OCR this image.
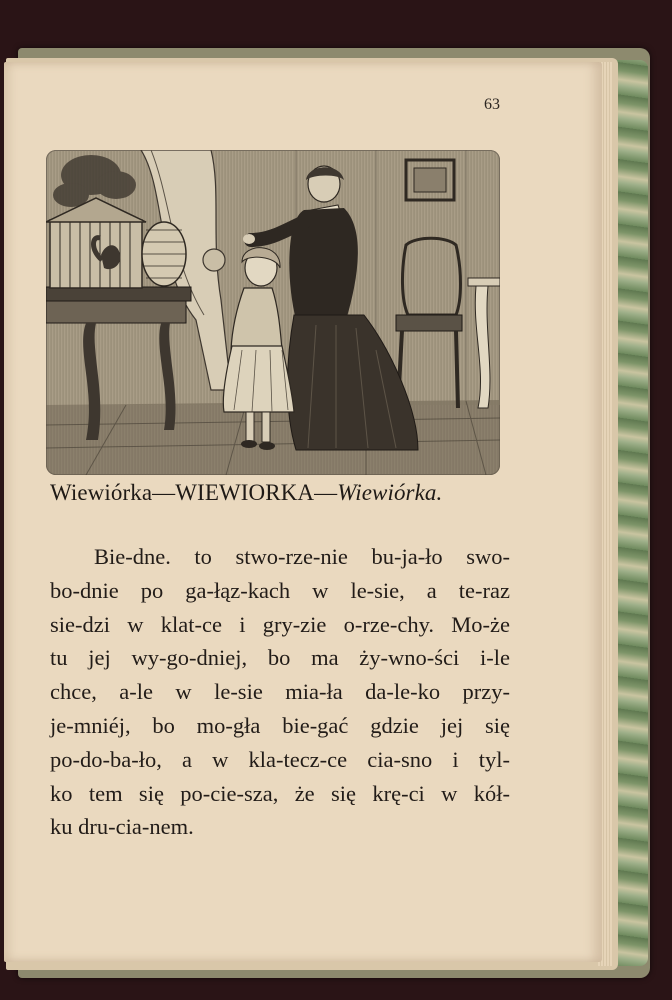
63
Wiewiórka—WIEWIORKA—Wiewiórka.
Bie-dne. to stwo-rze-nie bu-ja-ło swo-
bo-dnie po ga-łąz-kach w le-sie, a te-raz
sie-dzi w klat-ce i gry-zie o-rze-chy. Mo-że
tu jej wy-go-dniej, bo ma ży-wno-ści i-le
chce, a-le w le-sie mia-ła da-le-ko przy-
je-mniéj, bo mo-gła bie-gać gdzie jej się
po-do-ba-ło, a w kla-tecz-ce cia-sno i tyl-
ko tem się po-cie-sza, że się krę-ci w kół-
ku dru-cia-nem.
